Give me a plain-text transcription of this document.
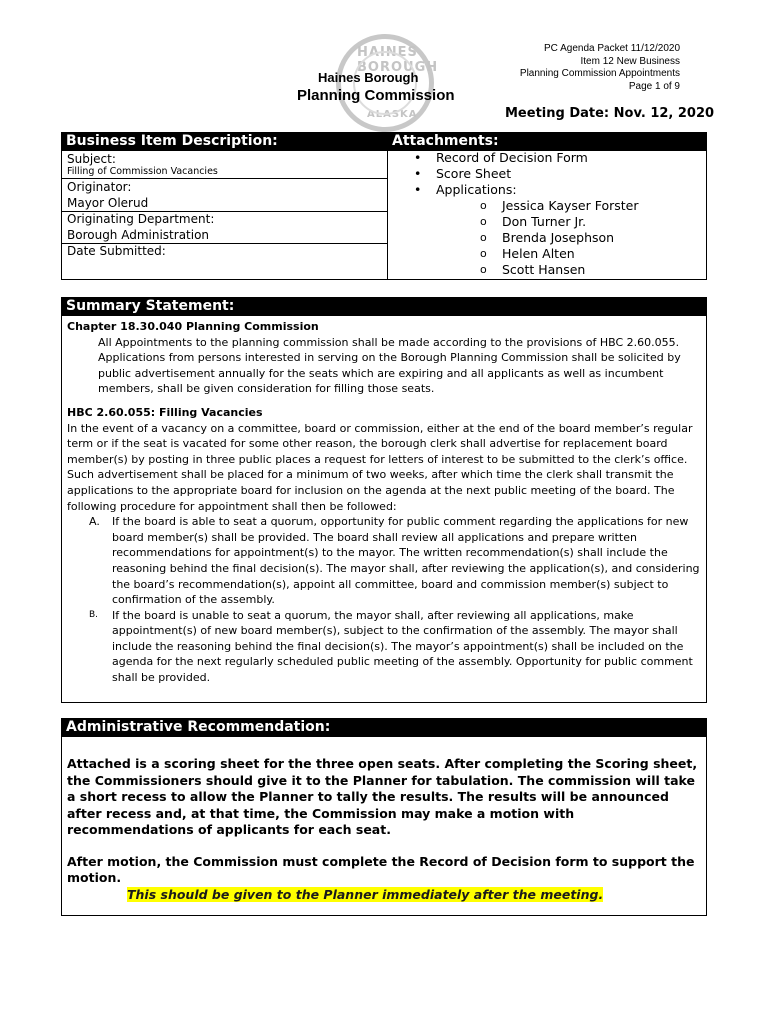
HAINES BOROUGH
ALASKA
PC Agenda Packet 11/12/2020
Item 12 New Business
Planning Commission Appointments
Page 1 of 9
Haines Borough
Planning Commission
Meeting Date: Nov. 12, 2020
Business Item Description:	Attachments:
Subject:
Filling of Commission Vacancies
Originator:
Mayor Olerud
Originating Department:
Borough Administration
Date Submitted:
• Record of Decision Form
• Score Sheet
• Applications:
o Jessica Kayser Forster
o Don Turner Jr.
o Brenda Josephson
o Helen Alten
o Scott Hansen
Summary Statement:
Chapter 18.30.040 Planning Commission
All Appointments to the planning commission shall be made according to the provisions of HBC 2.60.055. Applications from persons interested in serving on the Borough Planning Commission shall be solicited by public advertisement annually for the seats which are expiring and all applicants as well as incumbent members, shall be given consideration for filling those seats.
HBC 2.60.055: Filling Vacancies
In the event of a vacancy on a committee, board or commission, either at the end of the board member’s regular term or if the seat is vacated for some other reason, the borough clerk shall advertise for replacement board member(s) by posting in three public places a request for letters of interest to be submitted to the clerk’s office. Such advertisement shall be placed for a minimum of two weeks, after which time the clerk shall transmit the applications to the appropriate board for inclusion on the agenda at the next public meeting of the board. The following procedure for appointment shall then be followed:
A. If the board is able to seat a quorum, opportunity for public comment regarding the applications for new board member(s) shall be provided. The board shall review all applications and prepare written recommendations for appointment(s) to the mayor. The written recommendation(s) shall include the reasoning behind the final decision(s). The mayor shall, after reviewing the application(s), and considering the board’s recommendation(s), appoint all committee, board and commission member(s) subject to confirmation of the assembly.
B. If the board is unable to seat a quorum, the mayor shall, after reviewing all applications, make appointment(s) of new board member(s), subject to the confirmation of the assembly. The mayor shall include the reasoning behind the final decision(s). The mayor’s appointment(s) shall be included on the agenda for the next regularly scheduled public meeting of the assembly. Opportunity for public comment shall be provided.
Administrative Recommendation:
Attached is a scoring sheet for the three open seats. After completing the Scoring sheet, the Commissioners should give it to the Planner for tabulation. The commission will take a short recess to allow the Planner to tally the results. The results will be announced after recess and, at that time, the Commission may make a motion with recommendations of applicants for each seat.
After motion, the Commission must complete the Record of Decision form to support the motion.
This should be given to the Planner immediately after the meeting.
